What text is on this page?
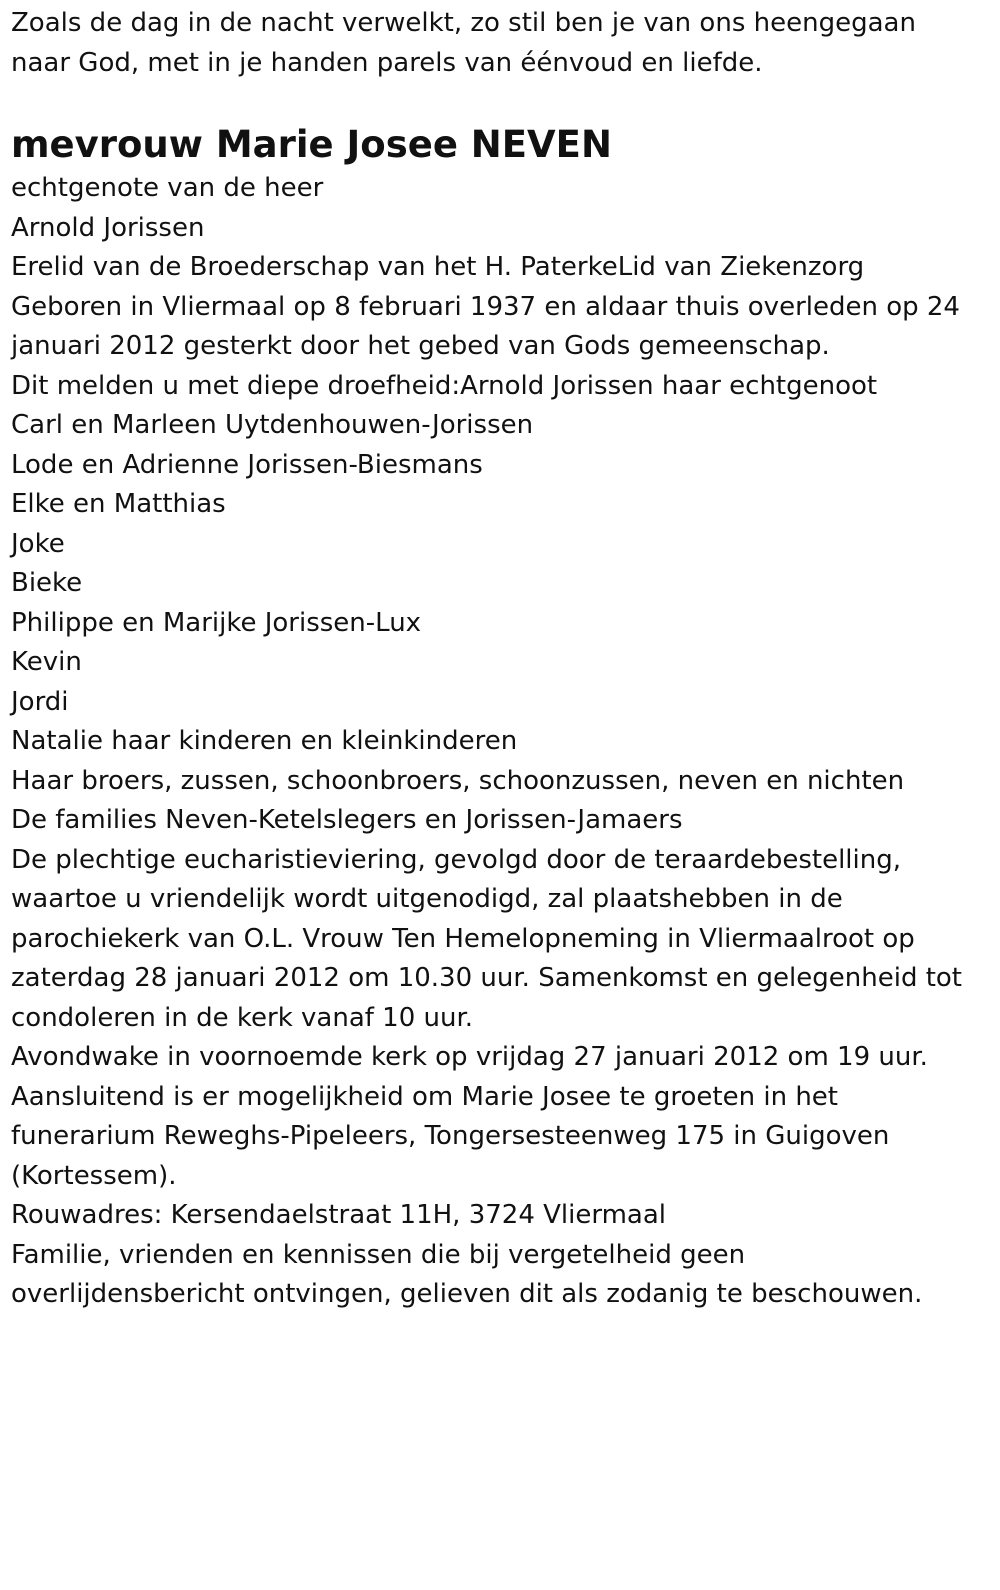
Zoals de dag in de nacht verwelkt, zo stil ben je van ons heengegaan

naar God, met in je handen parels van éénvoud en liefde.

mevrouw Marie Josee NEVEN

echtgenote van de heer

Arnold Jorissen

Erelid van de Broederschap van het H. PaterkeLid van Ziekenzorg

Geboren in Vliermaal op 8 februari 1937 en aldaar thuis overleden op 24

januari 2012 gesterkt door het gebed van Gods gemeenschap.

Dit melden u met diepe droefheid:Arnold Jorissen haar echtgenoot

Carl en Marleen Uytdenhouwen-Jorissen

Lode en Adrienne Jorissen-Biesmans

Elke en Matthias

Joke

Bieke

Philippe en Marijke Jorissen-Lux

Kevin

Jordi

Natalie haar kinderen en kleinkinderen

Haar broers, zussen, schoonbroers, schoonzussen, neven en nichten

De families Neven-Ketelslegers en Jorissen-Jamaers

De plechtige eucharistieviering, gevolgd door de teraardebestelling,

waartoe u vriendelijk wordt uitgenodigd, zal plaatshebben in de

parochiekerk van O.L. Vrouw Ten Hemelopneming in Vliermaalroot op

zaterdag 28 januari 2012 om 10.30 uur. Samenkomst en gelegenheid tot

condoleren in de kerk vanaf 10 uur.

Avondwake in voornoemde kerk op vrijdag 27 januari 2012 om 19 uur.

Aansluitend is er mogelijkheid om Marie Josee te groeten in het

funerarium Reweghs-Pipeleers, Tongersesteenweg 175 in Guigoven

(Kortessem).

Rouwadres: Kersendaelstraat 11H, 3724 Vliermaal

Familie, vrienden en kennissen die bij vergetelheid geen

overlijdensbericht ontvingen, gelieven dit als zodanig te beschouwen.
